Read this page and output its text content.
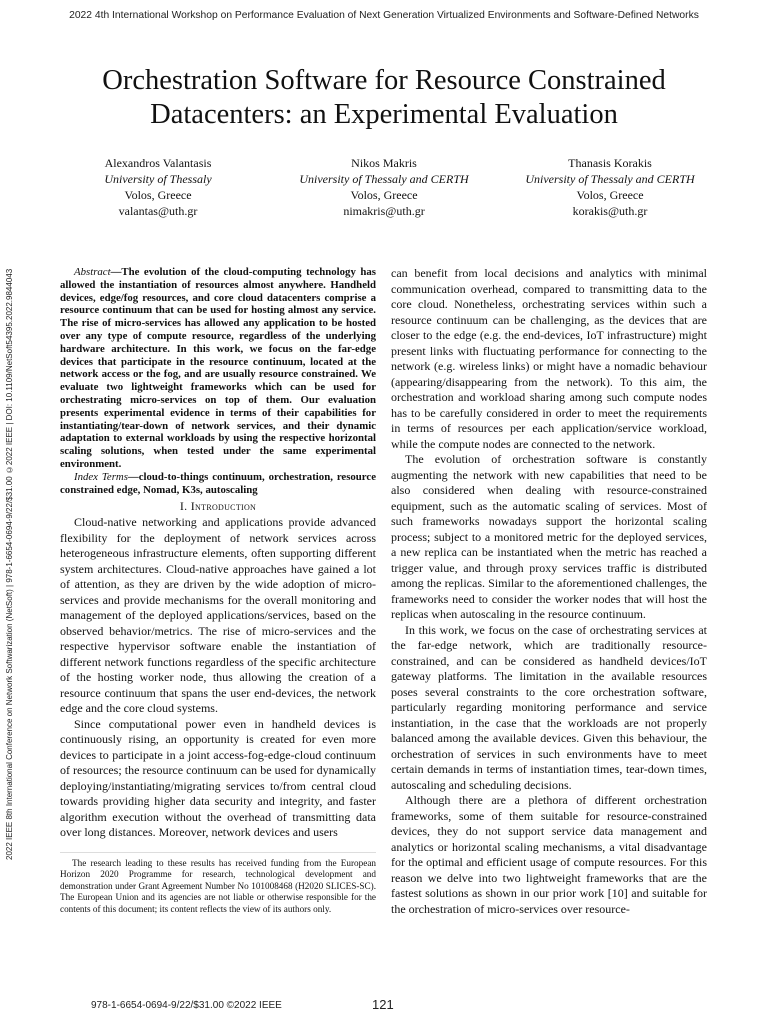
2022 4th International Workshop on Performance Evaluation of Next Generation Virtualized Environments and Software-Defined Networks
2022 IEEE 8th International Conference on Network Softwarization (NetSoft) | 978-1-6654-0694-9/22/$31.00 ©2022 IEEE | DOI: 10.1109/NetSoft54395.2022.9844043
Orchestration Software for Resource Constrained Datacenters: an Experimental Evaluation
Alexandros Valantasis
University of Thessaly
Volos, Greece
valantas@uth.gr
Nikos Makris
University of Thessaly and CERTH
Volos, Greece
nimakris@uth.gr
Thanasis Korakis
University of Thessaly and CERTH
Volos, Greece
korakis@uth.gr

Abstract—The evolution of the cloud-computing technology has allowed the instantiation of resources almost anywhere. Handheld devices, edge/fog resources, and core cloud datacenters comprise a resource continuum that can be used for hosting almost any service. The rise of micro-services has allowed any application to be hosted over any type of compute resource, regardless of the underlying hardware architecture. In this work, we focus on the far-edge devices that participate in the resource continuum, located at the network access or the fog, and are usually resource constrained. We evaluate two lightweight frameworks which can be used for orchestrating micro-services on top of them. Our evaluation presents experimental evidence in terms of their capabilities for instantiating/tear-down of network services, and their dynamic adaptation to external workloads by using the respective horizontal scaling solutions, when tested under the same experimental environment.

Index Terms—cloud-to-things continuum, orchestration, resource constrained edge, Nomad, K3s, autoscaling

I. Introduction

Cloud-native networking and applications provide advanced flexibility for the deployment of network services across heterogeneous infrastructure elements, often supporting different system architectures. Cloud-native approaches have gained a lot of attention, as they are driven by the wide adoption of micro-services and provide mechanisms for the overall monitoring and management of the deployed applications/services, based on the observed behavior/metrics. The rise of micro-services and the respective hypervisor software enable the instantiation of different network functions regardless of the specific architecture of the hosting worker node, thus allowing the creation of a resource continuum that spans the user end-devices, the network edge and the core cloud systems.

Since computational power even in handheld devices is continuously rising, an opportunity is created for even more devices to participate in a joint access-fog-edge-cloud continuum of resources; the resource continuum can be used for dynamically deploying/instantiating/migrating services to/from central cloud towards providing higher data security and integrity, and faster algorithm execution without the overhead of transmitting data over long distances. Moreover, network devices and users

can benefit from local decisions and analytics with minimal communication overhead, compared to transmitting data to the core cloud. Nonetheless, orchestrating services within such a resource continuum can be challenging, as the devices that are closer to the edge (e.g. the end-devices, IoT infrastructure) might present links with fluctuating performance for connecting to the network (e.g. wireless links) or might have a nomadic behaviour (appearing/disappearing from the network). To this aim, the orchestration and workload sharing among such compute nodes has to be carefully considered in order to meet the requirements in terms of resources per each application/service workload, while the compute nodes are connected to the network.

The evolution of orchestration software is constantly augmenting the network with new capabilities that need to be also considered when dealing with resource-constrained equipment, such as the automatic scaling of services. Most of such frameworks nowadays support the horizontal scaling process; subject to a monitored metric for the deployed services, a new replica can be instantiated when the metric has reached a trigger value, and through proxy services traffic is distributed among the replicas. Similar to the aforementioned challenges, the frameworks need to consider the worker nodes that will host the replicas when autoscaling in the resource continuum.

In this work, we focus on the case of orchestrating services at the far-edge network, which are traditionally resource-constrained, and can be considered as handheld devices/IoT gateway platforms. The limitation in the available resources poses several constraints to the core orchestration software, particularly regarding monitoring performance and service instantiation, in the case that the workloads are not properly balanced among the available devices. Given this behaviour, the orchestration of services in such environments have to meet certain demands in terms of instantiation times, tear-down times, autoscaling and scheduling decisions.

Although there are a plethora of different orchestration frameworks, some of them suitable for resource-constrained devices, they do not support service data management and analytics or horizontal scaling mechanisms, a vital disadvantage for the optimal and efficient usage of compute resources. For this reason we delve into two lightweight frameworks that are the fastest solutions as shown in our prior work [10] and suitable for the orchestration of micro-services over resource-

The research leading to these results has received funding from the European Horizon 2020 Programme for research, technological development and demonstration under Grant Agreement Number No 101008468 (H2020 SLICES-SC). The European Union and its agencies are not liable or otherwise responsible for the contents of this document; its content reflects the view of its authors only.
978-1-6654-0694-9/22/$31.00 ©2022 IEEE	121
